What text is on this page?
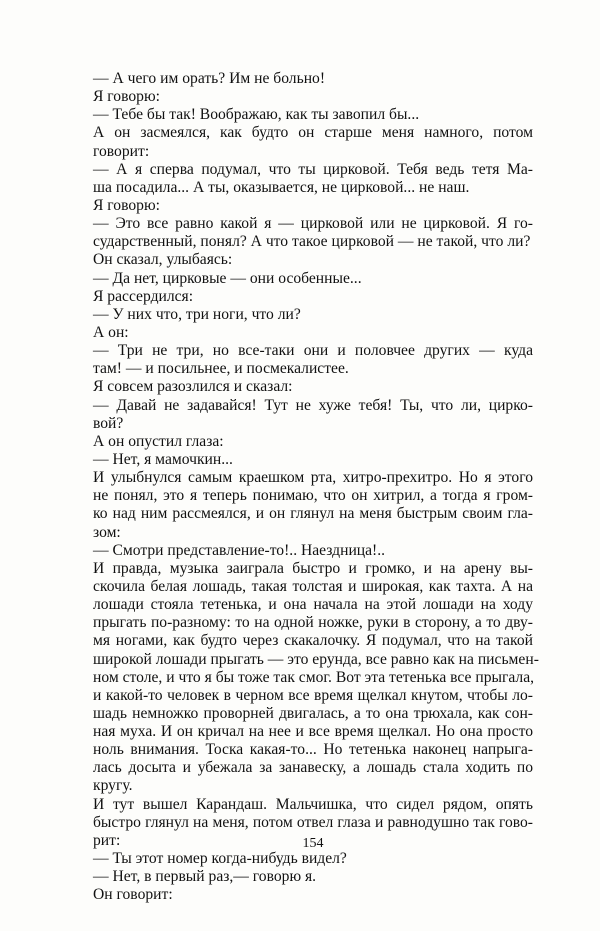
— А чего им орать? Им не больно!
Я говорю:
— Тебе бы так! Воображаю, как ты завопил бы...
А он засмеялся, как будто он старше меня намного, потом
говорит:
— А я сперва подумал, что ты цирковой. Тебя ведь тетя Ма-
ша посадила... А ты, оказывается, не цирковой... не наш.
Я говорю:
— Это все равно какой я — цирковой или не цирковой. Я го-
сударственный, понял? А что такое цирковой — не такой, что ли?
Он сказал, улыбаясь:
— Да нет, цирковые — они особенные...
Я рассердился:
— У них что, три ноги, что ли?
А он:
— Три не три, но все-таки они и половчее других — куда
там! — и посильнее, и посмекалистее.
Я совсем разозлился и сказал:
— Давай не задавайся! Тут не хуже тебя! Ты, что ли, цирко-
вой?
А он опустил глаза:
— Нет, я мамочкин...
И улыбнулся самым краешком рта, хитро-прехитро. Но я этого
не понял, это я теперь понимаю, что он хитрил, а тогда я гром-
ко над ним рассмеялся, и он глянул на меня быстрым своим гла-
зом:
— Смотри представление-то!.. Наездница!..
И правда, музыка заиграла быстро и громко, и на арену вы-
скочила белая лошадь, такая толстая и широкая, как тахта. А на
лошади стояла тетенька, и она начала на этой лошади на ходу
прыгать по-разному: то на одной ножке, руки в сторону, а то дву-
мя ногами, как будто через скакалочку. Я подумал, что на такой
широкой лошади прыгать — это ерунда, все равно как на письмен-
ном столе, и что я бы тоже так смог. Вот эта тетенька все прыгала,
и какой-то человек в черном все время щелкал кнутом, чтобы ло-
шадь немножко проворней двигалась, а то она трюхала, как сон-
ная муха. И он кричал на нее и все время щелкал. Но она просто
ноль внимания. Тоска какая-то... Но тетенька наконец напрыга-
лась досыта и убежала за занавеску, а лошадь стала ходить по
кругу.
И тут вышел Карандаш. Мальчишка, что сидел рядом, опять
быстро глянул на меня, потом отвел глаза и равнодушно так гово-
рит:
— Ты этот номер когда-нибудь видел?
— Нет, в первый раз,— говорю я.
Он говорит:
154
